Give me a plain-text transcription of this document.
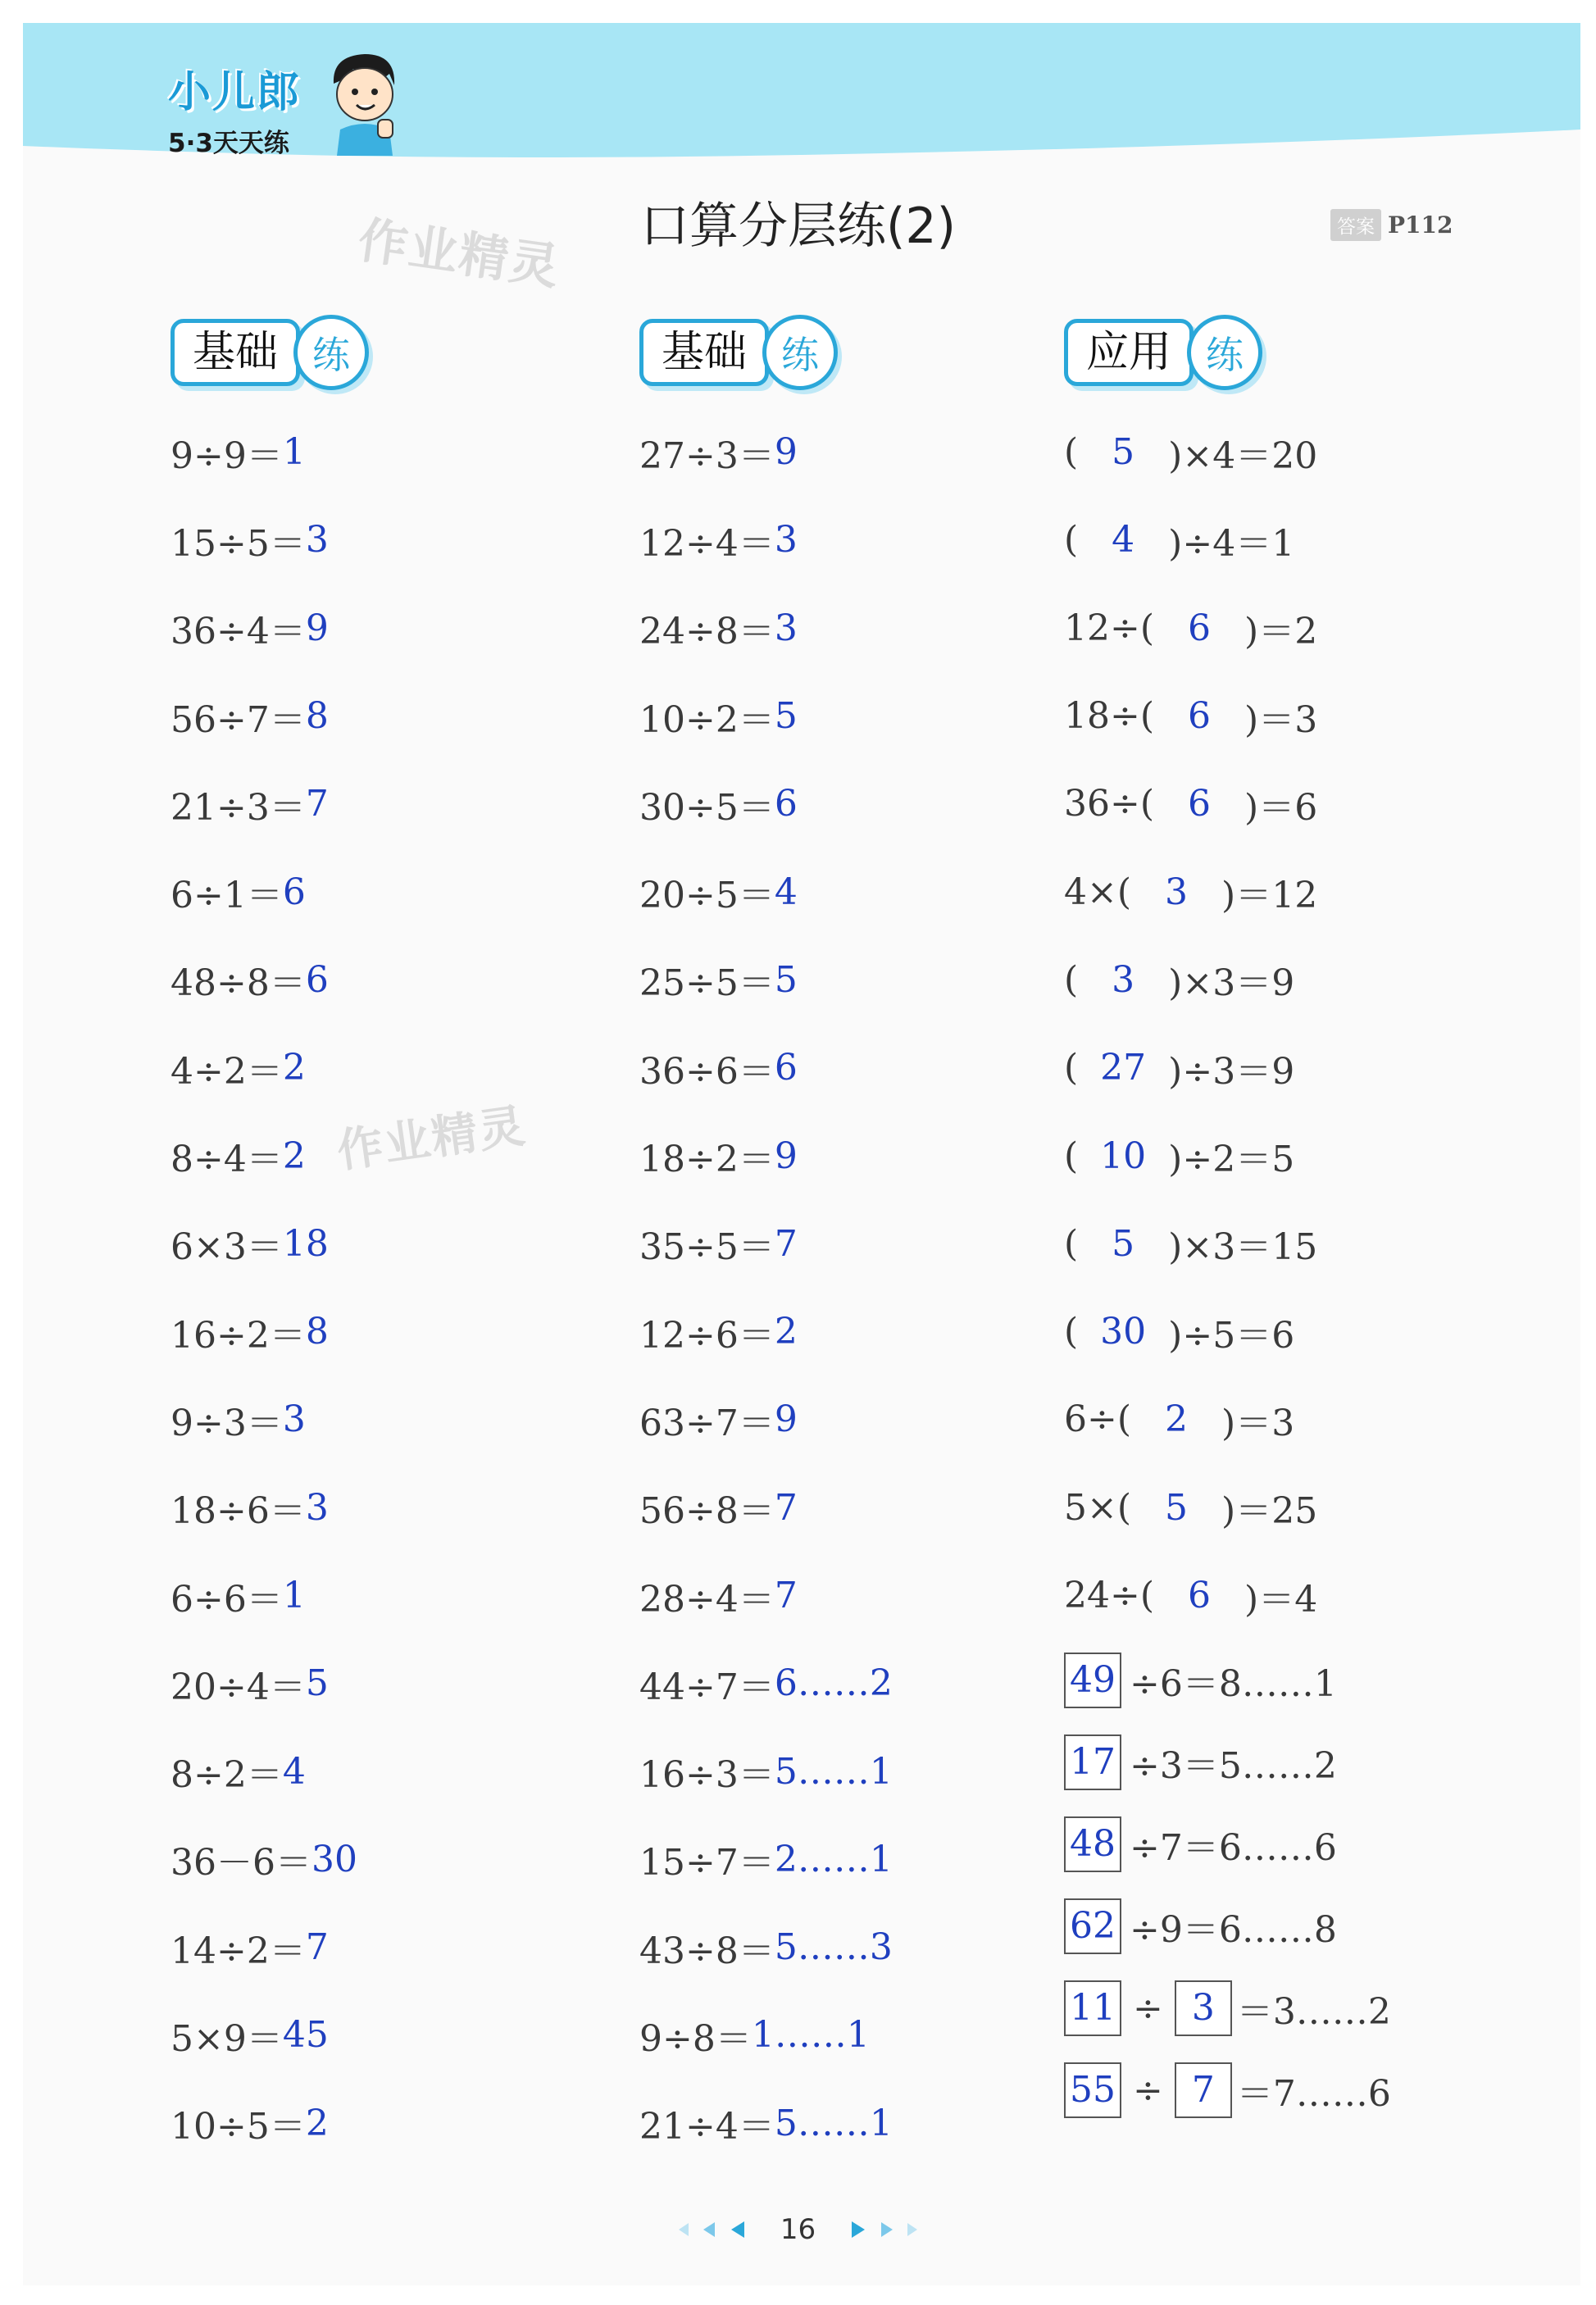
小儿郎
5·3天天练
口算分层练(2)	答案 P112
作业精灵
作业精灵
基础 练
9÷9＝ 1
15÷5＝ 3
36÷4＝ 9
56÷7＝ 8
21÷3＝ 7
6÷1＝ 6
48÷8＝ 6
4÷2＝ 2
8÷4＝ 2
6×3＝ 18
16÷2＝ 8
9÷3＝ 3
18÷6＝ 3
6÷6＝ 1
20÷4＝ 5
8÷2＝ 4
36－6＝ 30
14÷2＝ 7
5×9＝ 45
10÷5＝ 2
基础 练
27÷3＝ 9
12÷4＝ 3
24÷8＝ 3
10÷2＝ 5
30÷5＝ 6
20÷5＝ 4
25÷5＝ 5
36÷6＝ 6
18÷2＝ 9
35÷5＝ 7
12÷6＝ 2
63÷7＝ 9
56÷8＝ 7
28÷4＝ 7
44÷7＝ 6……2
16÷3＝ 5……1
15÷7＝ 2……1
43÷8＝ 5……3
9÷8＝ 1……1
21÷4＝ 5……1
应用 练
( 5 )×4＝20
( 4 )÷4＝1
12÷( 6 )＝2
18÷( 6 )＝3
36÷( 6 )＝6
4×( 3 )＝12
( 3 )×3＝9
( 27 )÷3＝9
( 10 )÷2＝5
( 5 )×3＝15
( 30 )÷5＝6
6÷( 2 )＝3
5×( 5 )＝25
24÷( 6 )＝4
49 ÷6＝8……1
17 ÷3＝5……2
48 ÷7＝6……6
62 ÷9＝6……8
11 ÷ 3 ＝3……2
55 ÷ 7 ＝7……6
16
